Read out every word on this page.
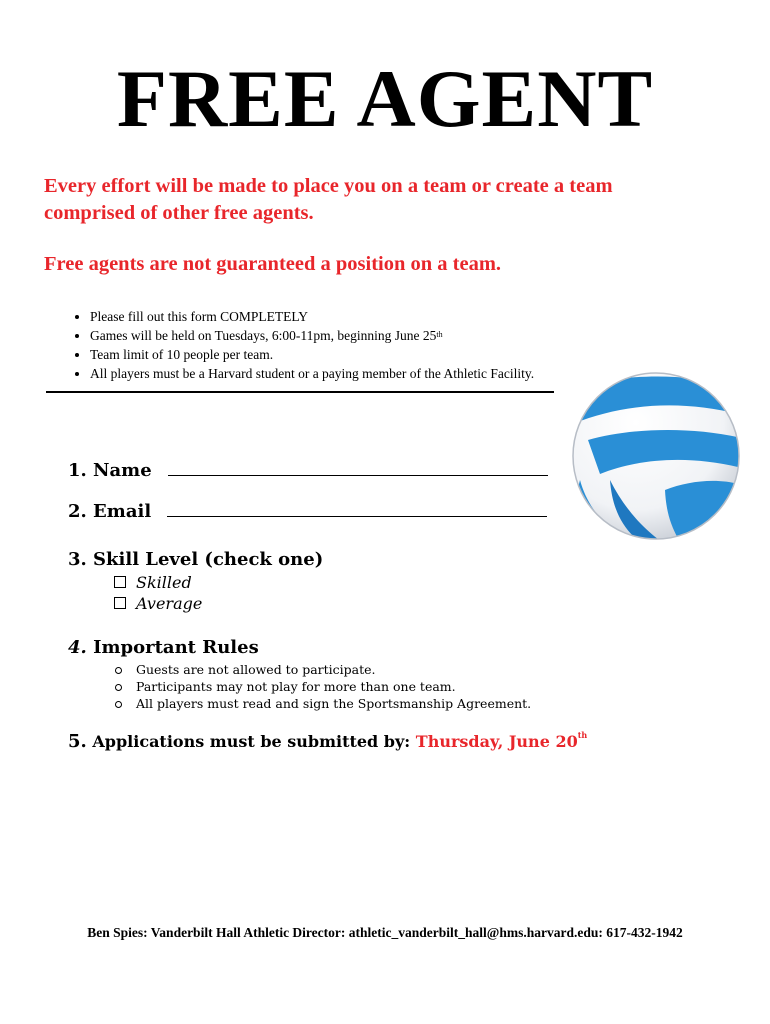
FREE AGENT
Every effort will be made to place you on a team or create a team comprised of other free agents.
Free agents are not guaranteed a position on a team.
• Please fill out this form COMPLETELY
• Games will be held on Tuesdays, 6:00-11pm, beginning June 25th
• Team limit of 10 people per team.
• All players must be a Harvard student or a paying member of the Athletic Facility.
1. Name
2. Email
3. Skill Level (check one)
Skilled
Average
4. Important Rules
Guests are not allowed to participate.
Participants may not play for more than one team.
All players must read and sign the Sportsmanship Agreement.
5. Applications must be submitted by: Thursday, June 20th
Ben Spies: Vanderbilt Hall Athletic Director: athletic_vanderbilt_hall@hms.harvard.edu: 617-432-1942
